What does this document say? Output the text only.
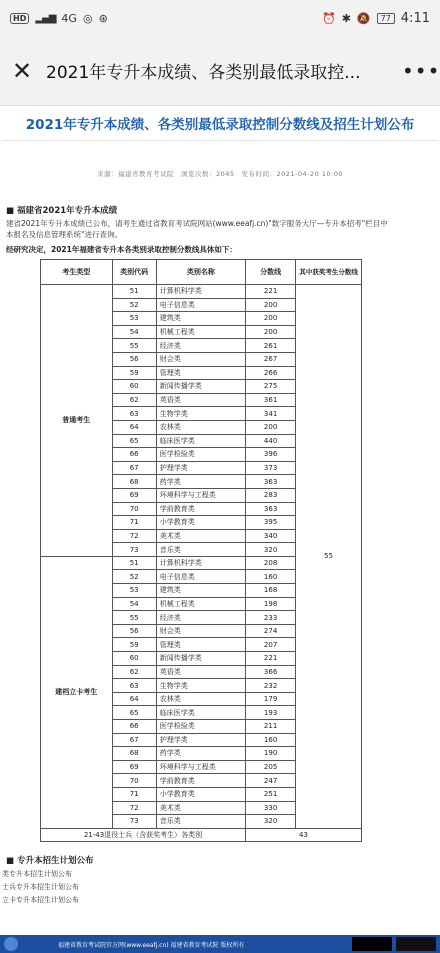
HD ▂▄▆ 4G ◎ ⊛	⏰ ✱ 🔕	77 4:11
✕ 2021年专升本成绩、各类别最低录取控...	•••
2021年专升本成绩、各类别最低录取控制分数线及招生计划公布
来源：福建省教育考试院　浏览次数：2045　发布时间：2021-04-20 10:00
■ 福建省2021年专升本成绩
建省2021年专升本成绩已公布，请考生通过省教育考试院网站(www.eeafj.cn)"数字服务大厅—专升本招考"栏目中
本报名及信息管理系统"进行查询。
经研究决定，2021年福建省专升本各类别录取控制分数线具体如下：
考生类型	类别代码	类别名称	分数线	其中获奖考生分数线
普通考生	51	计算机科学类	221	55
	52	电子信息类	200	
	53	建筑类	200	
	54	机械工程类	200	
	55	经济类	261	
	56	财会类	267	
	59	管理类	266	
	60	新闻传播学类	275	
	62	英语类	361	
	63	生物学类	341	
	64	农林类	200	
	65	临床医学类	440	
	66	医学检验类	396	
	67	护理学类	373	
	68	药学类	363	
	69	环境科学与工程类	283	
	70	学前教育类	363	
	71	小学教育类	395	
	72	美术类	340	
	73	音乐类	320	
建档立卡考生	51	计算机科学类	208	
	52	电子信息类	160	
	53	建筑类	168	
	54	机械工程类	198	
	55	经济类	233	
	56	财会类	274	
	59	管理类	207	
	60	新闻传播学类	221	
	62	英语类	366	
	63	生物学类	232	
	64	农林类	179	
	65	临床医学类	193	
	66	医学检验类	211	
	67	护理学类	160	
	68	药学类	190	
	69	环境科学与工程类	205	
	70	学前教育类	247	
	71	小学教育类	251	
	72	美术类	330	
	73	音乐类	320	
21-43退役士兵（含获奖考生）各类别			43	
■ 专升本招生计划公布
类专升本招生计划公布
士兵专升本招生计划公布
立卡专升本招生计划公布
福建省教育考试院官方网(www.eeafj.cn) 福建省教育考试院 版权所有
